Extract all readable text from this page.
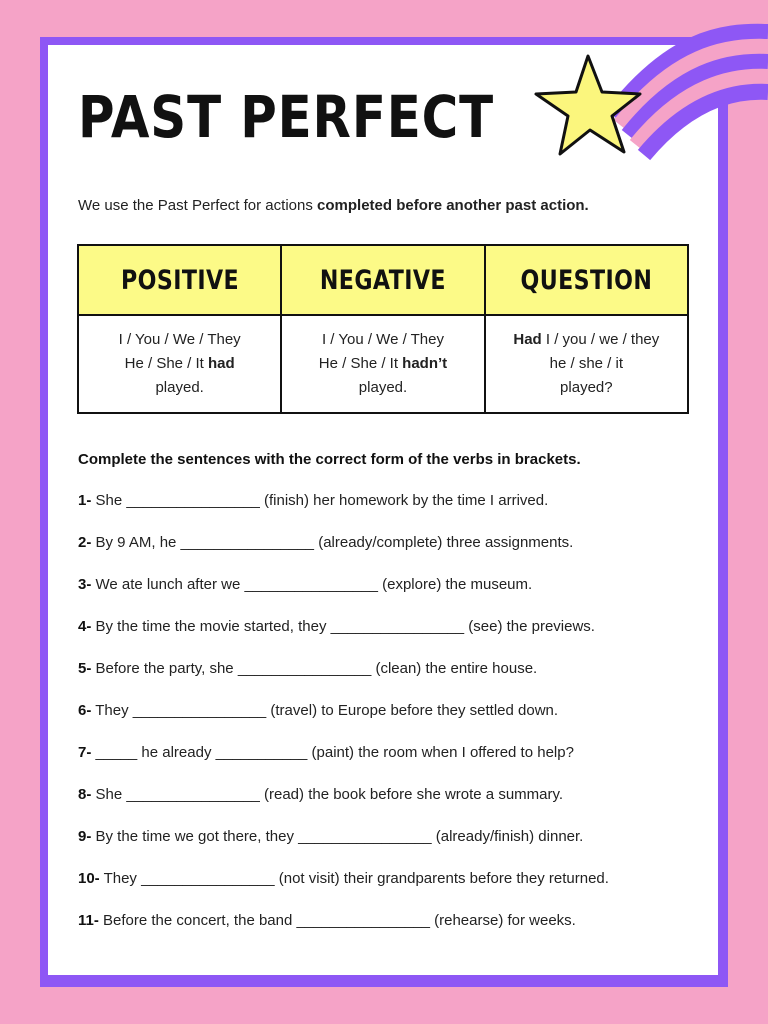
PAST PERFECT

We use the Past Perfect for actions completed before another past action.

POSITIVE	NEGATIVE	QUESTION
I / You / We / They
He / She / It had
played.	I / You / We / They
He / She / It hadn’t
played.	Had I / you / we / they
he / she / it
played?

Complete the sentences with the correct form of the verbs in brackets.

1- She ________________ (finish) her homework by the time I arrived.

2- By 9 AM, he ________________ (already/complete) three assignments.

3- We ate lunch after we ________________ (explore) the museum.

4- By the time the movie started, they ________________ (see) the previews.

5- Before the party, she ________________ (clean) the entire house.

6- They ________________ (travel) to Europe before they settled down.

7- _____ he already ___________ (paint) the room when I offered to help?

8- She ________________ (read) the book before she wrote a summary.

9- By the time we got there, they ________________ (already/finish) dinner.

10- They ________________ (not visit) their grandparents before they returned.

11- Before the concert, the band ________________ (rehearse) for weeks.
